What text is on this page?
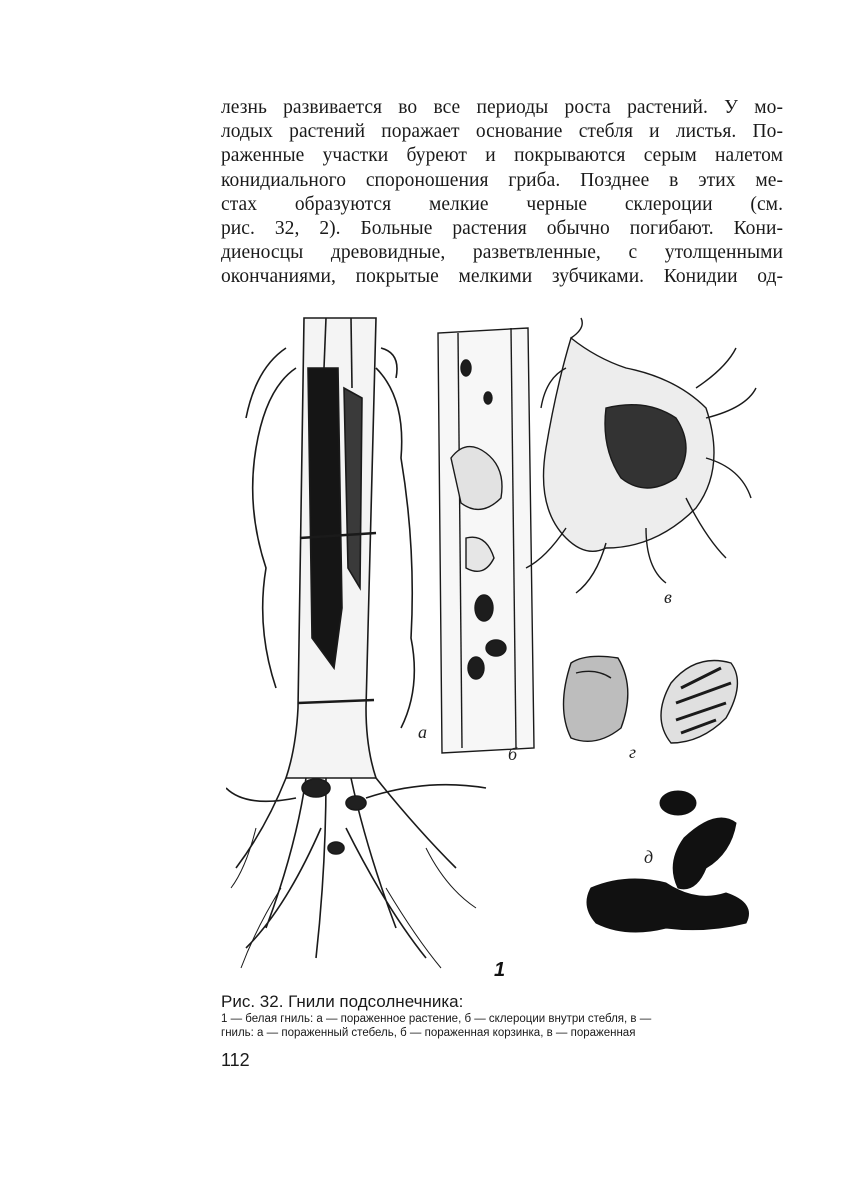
лезнь развивается во все периоды роста растений. У мо-
лодых растений поражает основание стебля и листья. По-
раженные участки буреют и покрываются серым налетом
конидиального спороношения гриба. Позднее в этих ме-
стах образуются мелкие черные склероции (см.
рис. 32, 2). Больные растения обычно погибают. Кони-
диеносцы древовидные, разветвленные, с утолщенными
окончаниями, покрытые мелкими зубчиками. Конидии од-
а
б
в
г
д
1
Рис. 32. Гнили подсолнечника:
1 — белая гниль: а — пораженное растение, б — склероции внутри стебля, в —
гниль: а — пораженный стебель, б — пораженная корзинка, в — пораженная
112
